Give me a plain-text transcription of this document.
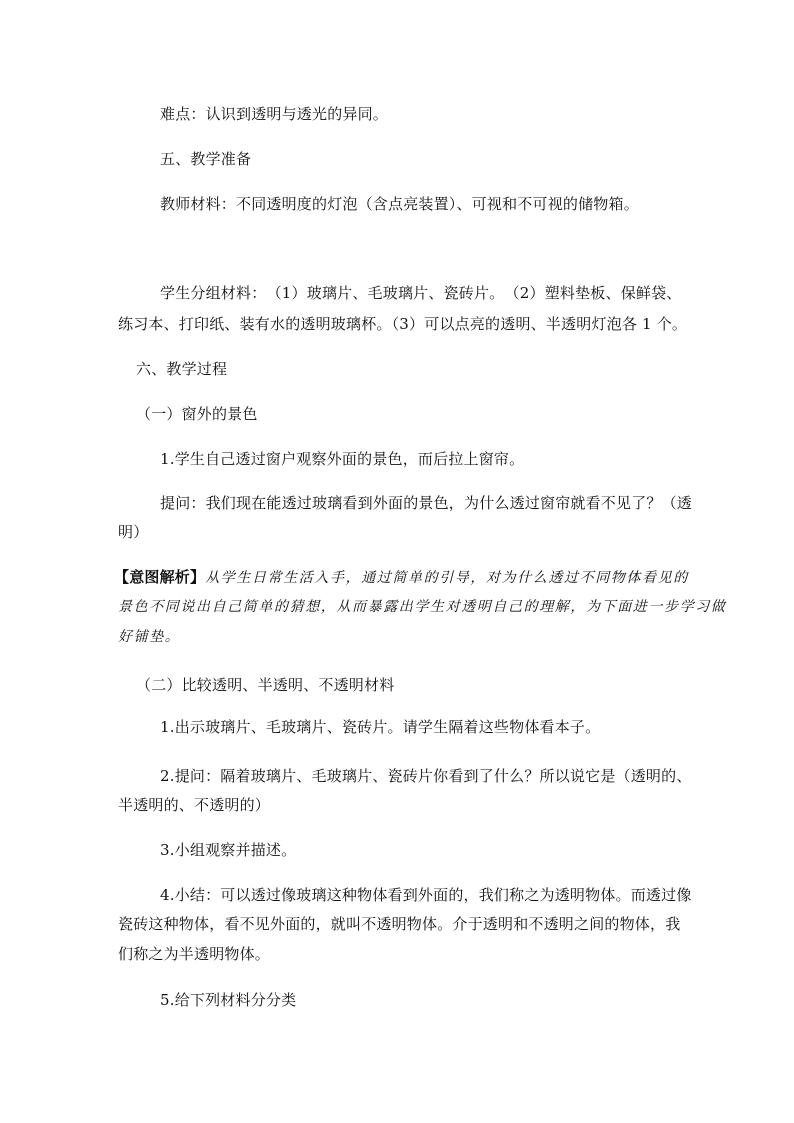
难点：认识到透明与透光的异同。
五、教学准备
教师材料：不同透明度的灯泡（含点亮装置）、可视和不可视的储物箱。
学生分组材料：　（1）玻璃片、毛玻璃片、瓷砖片。　（2）塑料垫板、保鲜袋、
练习本、打印纸、装有水的透明玻璃杯。（3）可以点亮的透明、半透明灯泡各 1 个。
六、教学过程
（一）窗外的景色
1.学生自己透过窗户观察外面的景色，而后拉上窗帘。
提问：我们现在能透过玻璃看到外面的景色，为什么透过窗帘就看不见了？（透
明）
【意图解析】从学生日常生活入手，通过简单的引导，对为什么透过不同物体看见的
景色不同说出自己简单的猜想，从而暴露出学生对透明自己的理解，为下面进一步学习做
好铺垫。
（二）比较透明、半透明、不透明材料
1.出示玻璃片、毛玻璃片、瓷砖片。请学生隔着这些物体看本子。
2.提问：隔着玻璃片、毛玻璃片、瓷砖片你看到了什么？所以说它是（透明的、
半透明的、不透明的）
3.小组观察并描述。
4.小结：可以透过像玻璃这种物体看到外面的，我们称之为透明物体。而透过像
瓷砖这种物体，看不见外面的，就叫不透明物体。介于透明和不透明之间的物体，我
们称之为半透明物体。
5.给下列材料分分类
